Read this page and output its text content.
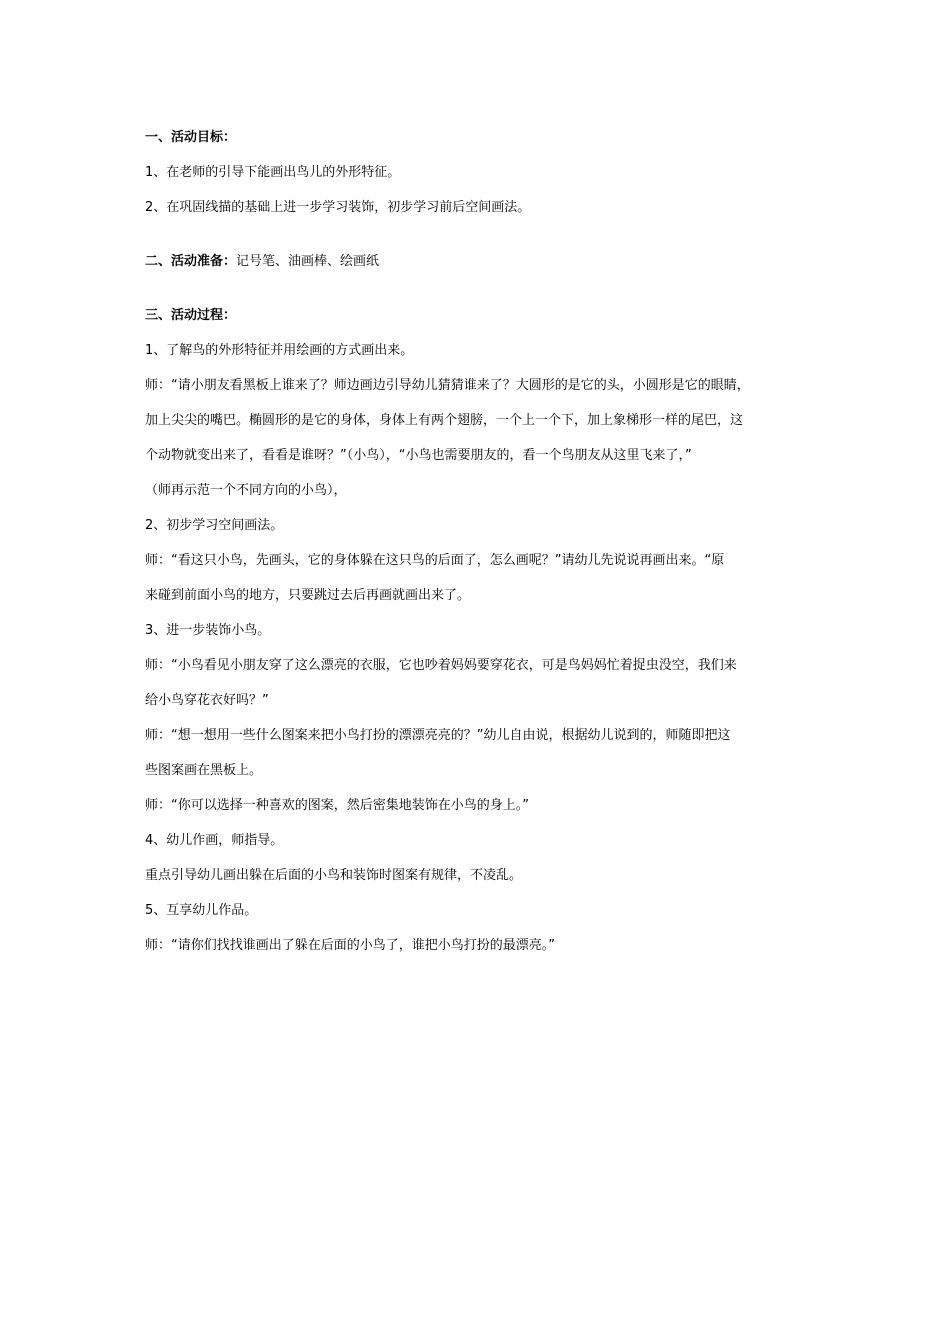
一、活动目标：
1、在老师的引导下能画出鸟儿的外形特征。
2、在巩固线描的基础上进一步学习装饰，初步学习前后空间画法。
二、活动准备：记号笔、油画棒、绘画纸
三、活动过程：
1、了解鸟的外形特征并用绘画的方式画出来。
师：“请小朋友看黑板上谁来了？师边画边引导幼儿猜猜谁来了？大圆形的是它的头，小圆形是它的眼睛，
加上尖尖的嘴巴。椭圆形的是它的身体，身体上有两个翅膀，一个上一个下，加上象梯形一样的尾巴，这
个动物就变出来了，看看是谁呀？”（小鸟），“小鸟也需要朋友的，看一个鸟朋友从这里飞来了，”
（师再示范一个不同方向的小鸟），
2、初步学习空间画法。
师：“看这只小鸟，先画头，它的身体躲在这只鸟的后面了，怎么画呢？”请幼儿先说说再画出来。“原
来碰到前面小鸟的地方，只要跳过去后再画就画出来了。
3、进一步装饰小鸟。
师：“小鸟看见小朋友穿了这么漂亮的衣服，它也吵着妈妈要穿花衣，可是鸟妈妈忙着捉虫没空，我们来
给小鸟穿花衣好吗？”
师：“想一想用一些什么图案来把小鸟打扮的漂漂亮亮的？”幼儿自由说，根据幼儿说到的，师随即把这
些图案画在黑板上。
师：“你可以选择一种喜欢的图案，然后密集地装饰在小鸟的身上。”
4、幼儿作画，师指导。
重点引导幼儿画出躲在后面的小鸟和装饰时图案有规律，不凌乱。
5、互享幼儿作品。
师：“请你们找找谁画出了躲在后面的小鸟了，谁把小鸟打扮的最漂亮。”
